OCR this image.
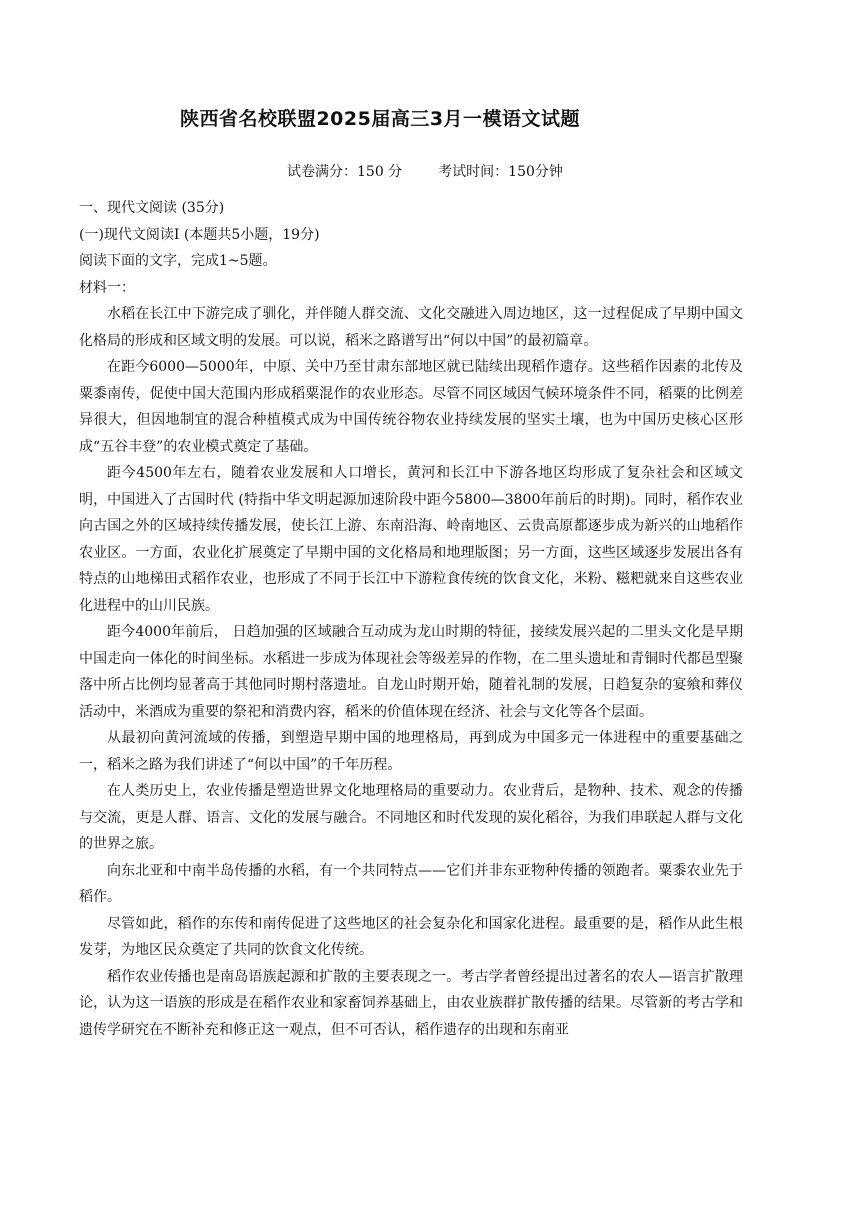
陕西省名校联盟2025届高三3月一模语文试题
试卷满分：150 分	考试时间：150分钟

一、现代文阅读 (35分)

(一)现代文阅读Ⅰ (本题共5小题，19分)

阅读下面的文字，完成1~5题。

材料一：

水稻在长江中下游完成了驯化，并伴随人群交流、文化交融进入周边地区，这一过程促成了早期中国文化格局的形成和区域文明的发展。可以说，稻米之路谱写出“何以中国”的最初篇章。

在距今6000—5000年，中原、关中乃至甘肃东部地区就已陆续出现稻作遗存。这些稻作因素的北传及粟黍南传，促使中国大范围内形成稻粟混作的农业形态。尽管不同区域因气候环境条件不同，稻粟的比例差异很大，但因地制宜的混合种植模式成为中国传统谷物农业持续发展的坚实土壤，也为中国历史核心区形成“五谷丰登”的农业模式奠定了基础。

距今4500年左右，随着农业发展和人口增长，黄河和长江中下游各地区均形成了复杂社会和区域文明，中国进入了古国时代 (特指中华文明起源加速阶段中距今5800—3800年前后的时期)。同时，稻作农业向古国之外的区域持续传播发展，使长江上游、东南沿海、岭南地区、云贵高原都逐步成为新兴的山地稻作农业区。一方面，农业化扩展奠定了早期中国的文化格局和地理版图；另一方面，这些区域逐步发展出各有特点的山地梯田式稻作农业，也形成了不同于长江中下游粒食传统的饮食文化，米粉、糍粑就来自这些农业化进程中的山川民族。

距今4000年前后， 日趋加强的区域融合互动成为龙山时期的特征，接续发展兴起的二里头文化是早期中国走向一体化的时间坐标。水稻进一步成为体现社会等级差异的作物，在二里头遗址和青铜时代都邑型聚落中所占比例均显著高于其他同时期村落遗址。自龙山时期开始，随着礼制的发展，日趋复杂的宴飨和葬仪活动中，米酒成为重要的祭祀和消费内容，稻米的价值体现在经济、社会与文化等各个层面。

从最初向黄河流域的传播，到塑造早期中国的地理格局，再到成为中国多元一体进程中的重要基础之一，稻米之路为我们讲述了“何以中国”的千年历程。

在人类历史上，农业传播是塑造世界文化地理格局的重要动力。农业背后，是物种、技术、观念的传播与交流，更是人群、语言、文化的发展与融合。不同地区和时代发现的炭化稻谷，为我们串联起人群与文化的世界之旅。

向东北亚和中南半岛传播的水稻，有一个共同特点——它们并非东亚物种传播的领跑者。粟黍农业先于稻作。

尽管如此，稻作的东传和南传促进了这些地区的社会复杂化和国家化进程。最重要的是，稻作从此生根发芽，为地区民众奠定了共同的饮食文化传统。

稻作农业传播也是南岛语族起源和扩散的主要表现之一。考古学者曾经提出过著名的农人—语言扩散理论，认为这一语族的形成是在稻作农业和家畜饲养基础上，由农业族群扩散传播的结果。尽管新的考古学和遗传学研究在不断补充和修正这一观点，但不可否认，稻作遗存的出现和东南亚
